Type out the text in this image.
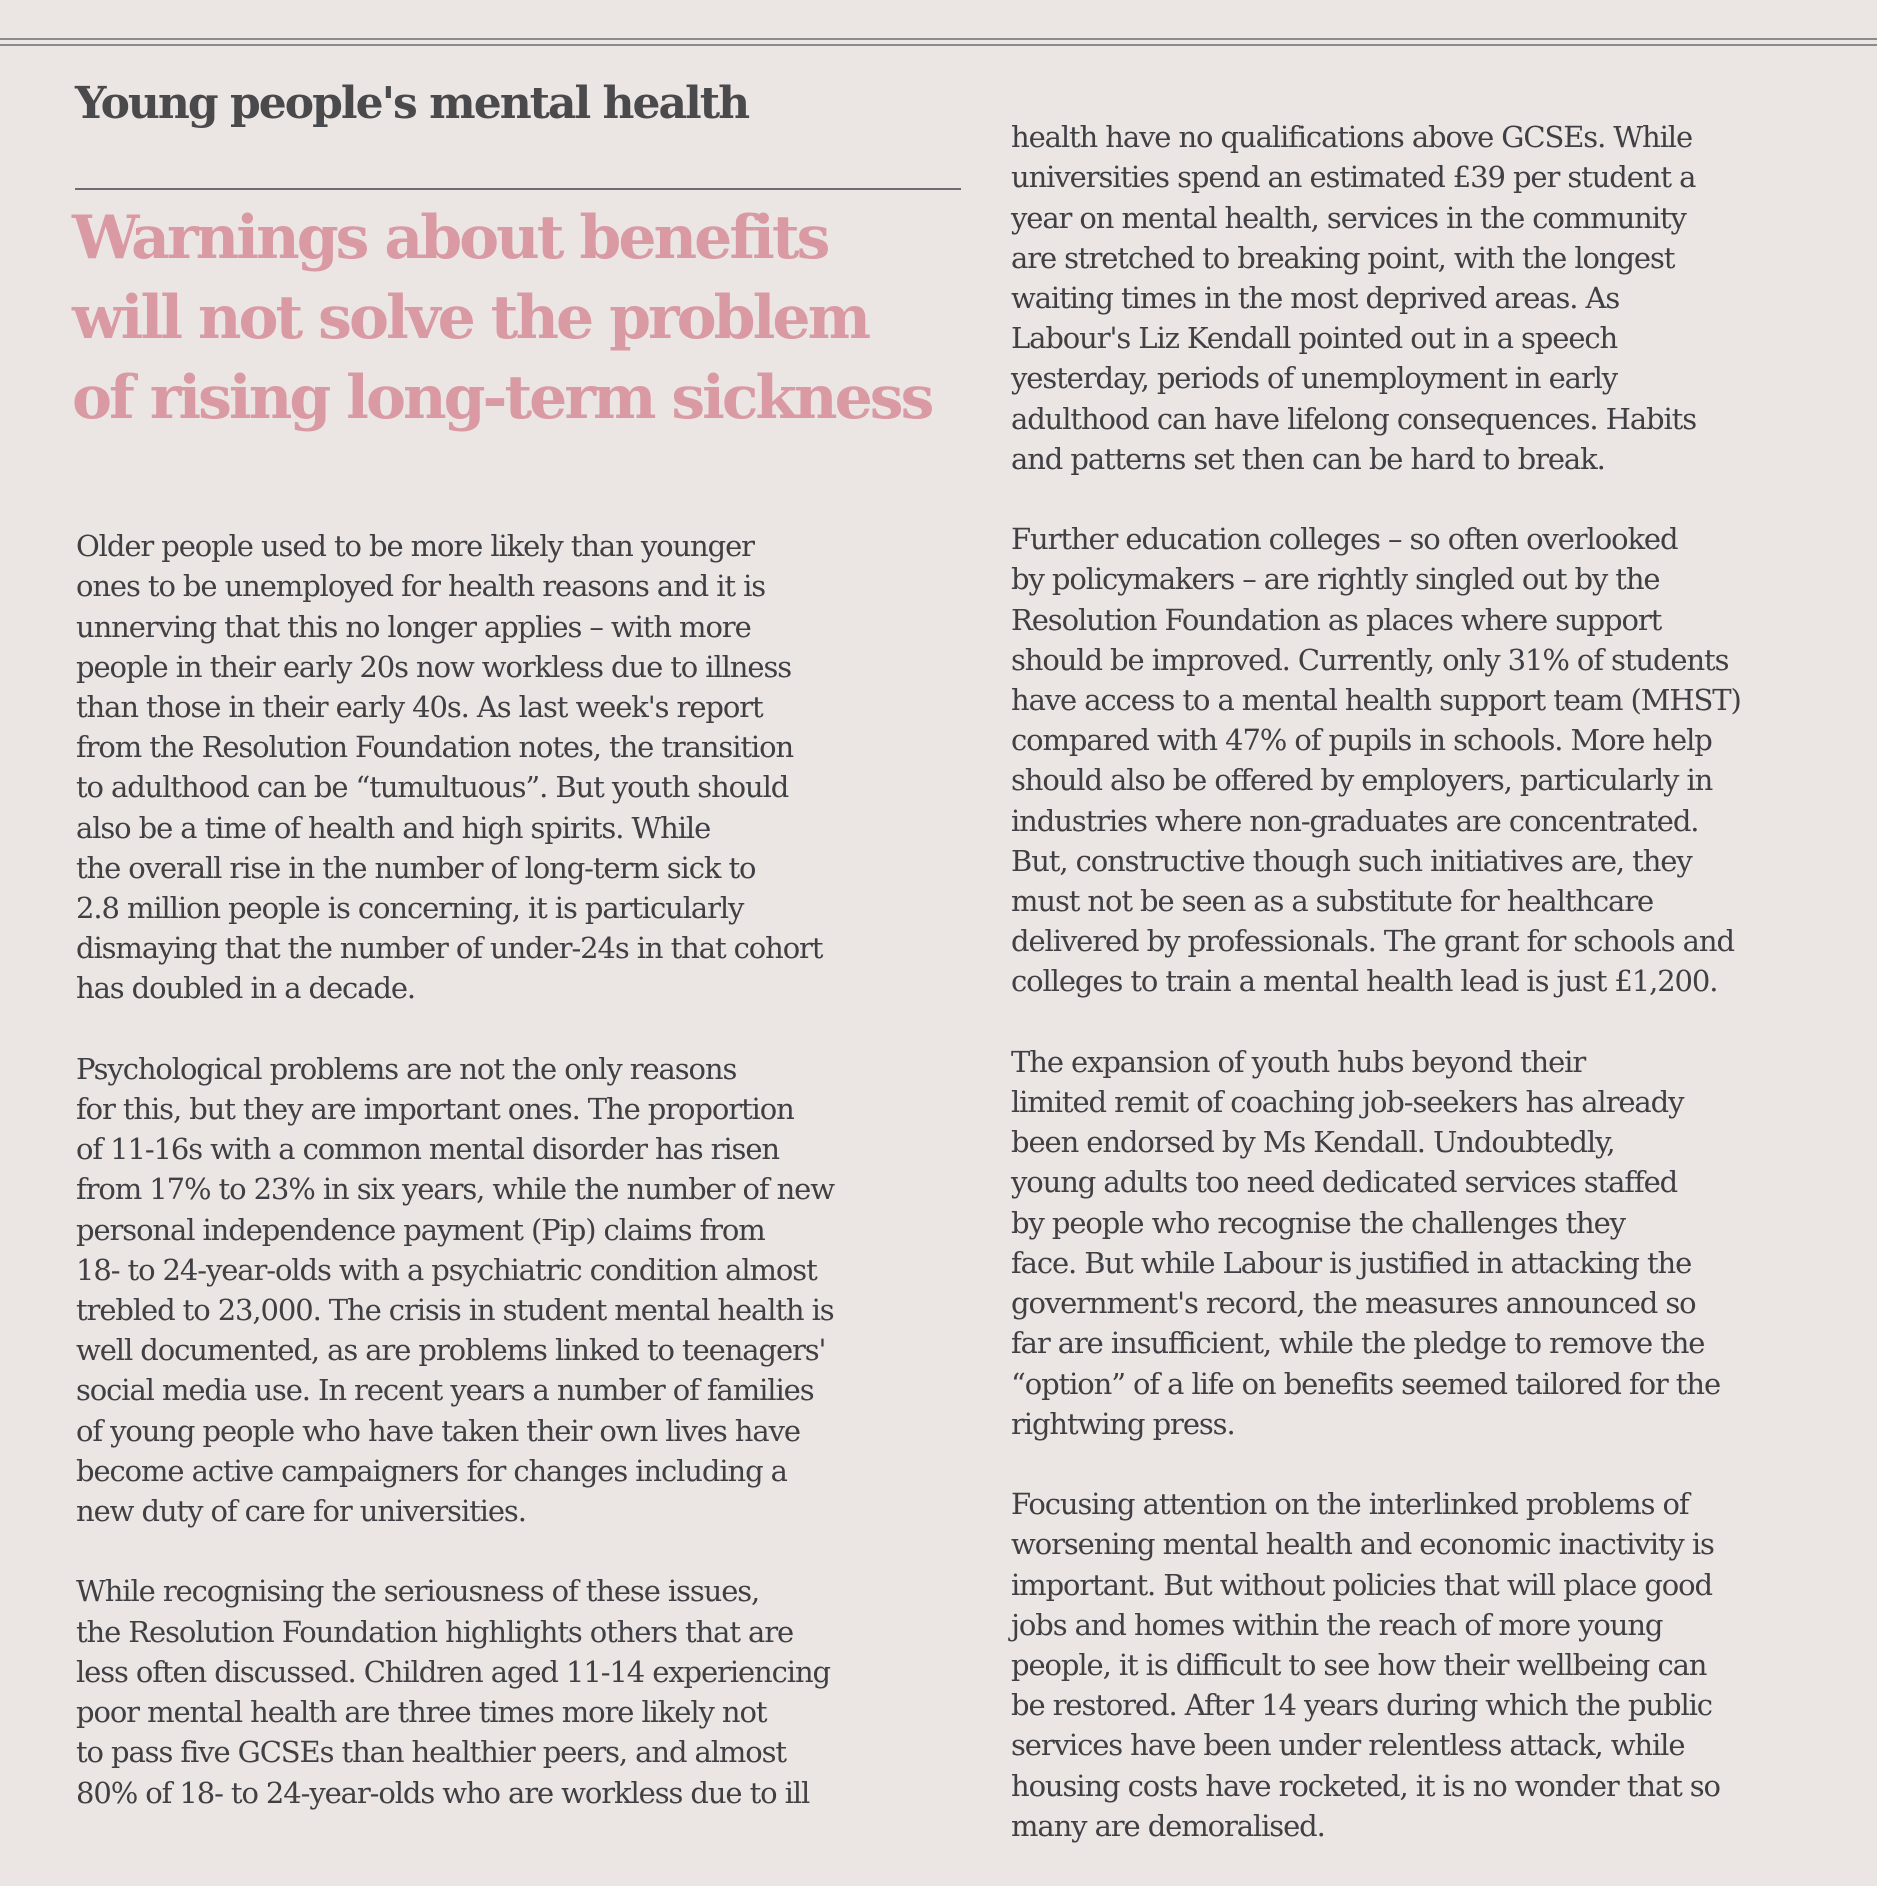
Young people's mental health
Warnings about benefits
will not solve the problem
of rising long-term sickness

Older people used to be more likely than younger
ones to be unemployed for health reasons and it is
unnerving that this no longer applies – with more
people in their early 20s now workless due to illness
than those in their early 40s. As last week's report
from the Resolution Foundation notes, the transition
to adulthood can be “tumultuous”. But youth should
also be a time of health and high spirits. While
the overall rise in the number of long-term sick to
2.8 million people is concerning, it is particularly
dismaying that the number of under-24s in that cohort
has doubled in a decade.

Psychological problems are not the only reasons
for this, but they are important ones. The proportion
of 11-16s with a common mental disorder has risen
from 17% to 23% in six years, while the number of new
personal independence payment (Pip) claims from
18- to 24-year-olds with a psychiatric condition almost
trebled to 23,000. The crisis in student mental health is
well documented, as are problems linked to teenagers'
social media use. In recent years a number of families
of young people who have taken their own lives have
become active campaigners for changes including a
new duty of care for universities.

While recognising the seriousness of these issues,
the Resolution Foundation highlights others that are
less often discussed. Children aged 11-14 experiencing
poor mental health are three times more likely not
to pass five GCSEs than healthier peers, and almost
80% of 18- to 24-year-olds who are workless due to ill

health have no qualifications above GCSEs. While
universities spend an estimated £39 per student a
year on mental health, services in the community
are stretched to breaking point, with the longest
waiting times in the most deprived areas. As
Labour's Liz Kendall pointed out in a speech
yesterday, periods of unemployment in early
adulthood can have lifelong consequences. Habits
and patterns set then can be hard to break.

Further education colleges – so often overlooked
by policymakers – are rightly singled out by the
Resolution Foundation as places where support
should be improved. Currently, only 31% of students
have access to a mental health support team (MHST)
compared with 47% of pupils in schools. More help
should also be offered by employers, particularly in
industries where non-graduates are concentrated.
But, constructive though such initiatives are, they
must not be seen as a substitute for healthcare
delivered by professionals. The grant for schools and
colleges to train a mental health lead is just £1,200.

The expansion of youth hubs beyond their
limited remit of coaching job-seekers has already
been endorsed by Ms Kendall. Undoubtedly,
young adults too need dedicated services staffed
by people who recognise the challenges they
face. But while Labour is justified in attacking the
government's record, the measures announced so
far are insufficient, while the pledge to remove the
“option” of a life on benefits seemed tailored for the
rightwing press.

Focusing attention on the interlinked problems of
worsening mental health and economic inactivity is
important. But without policies that will place good
jobs and homes within the reach of more young
people, it is difficult to see how their wellbeing can
be restored. After 14 years during which the public
services have been under relentless attack, while
housing costs have rocketed, it is no wonder that so
many are demoralised.
